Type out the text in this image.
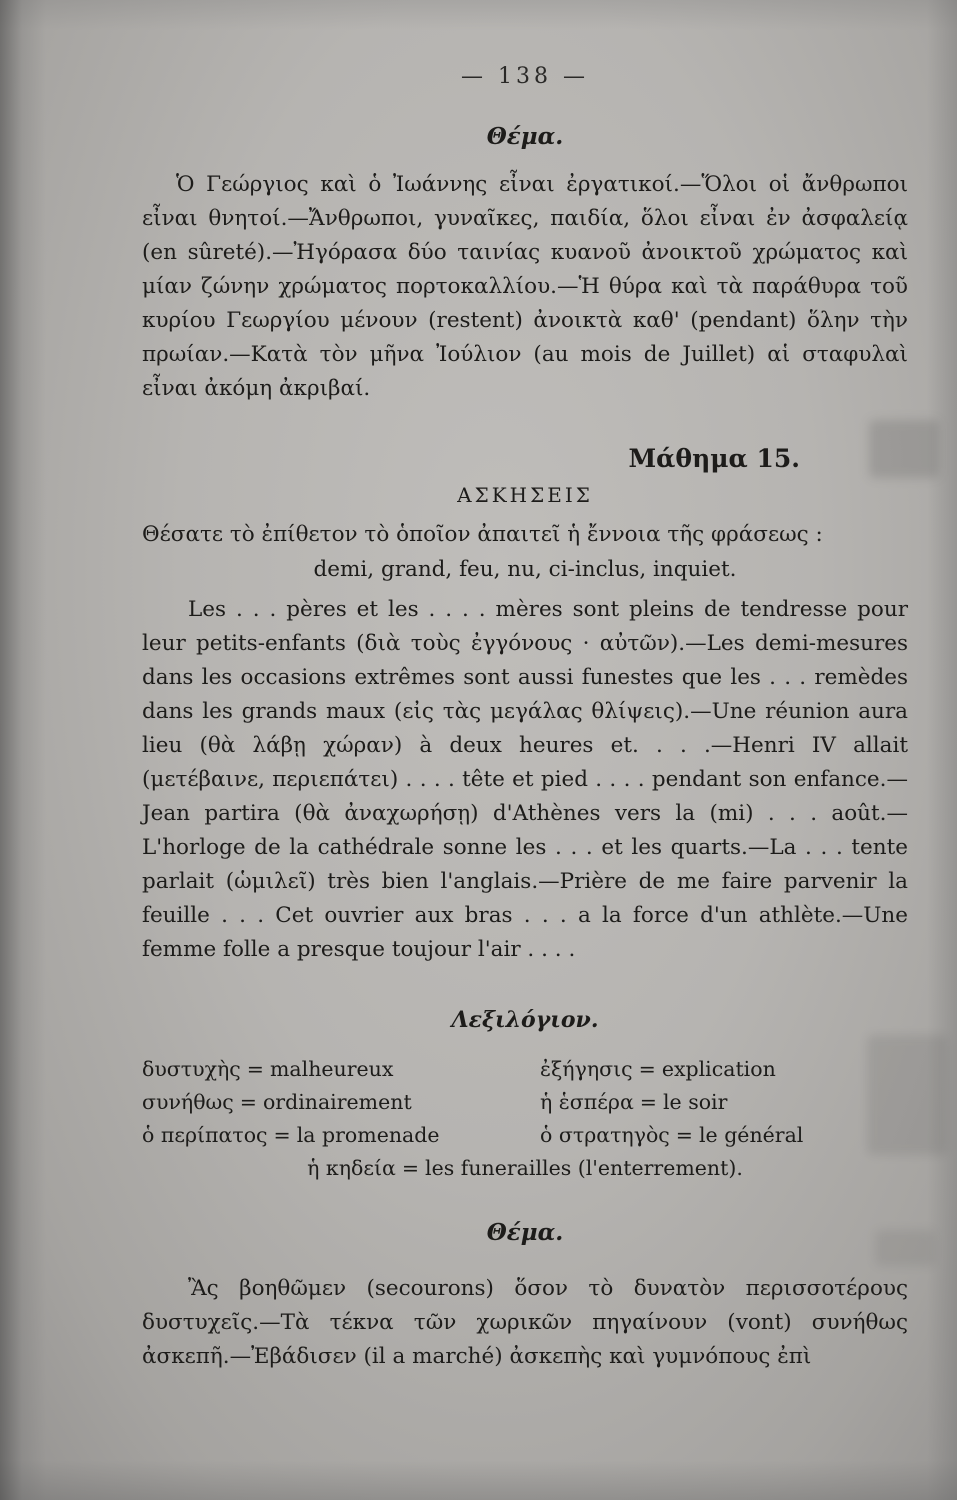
— 138 —
Θέμα.

Ὁ Γεώργιος καὶ ὁ Ἰωάννης εἶναι ἐργατικοί.—Ὅλοι οἱ ἄνθρωποι εἶναι θνητοί.—Ἄνθρωποι, γυναῖκες, παιδία, ὅλοι εἶναι ἐν ἀσφαλείᾳ (en sûreté).—Ἠγόρασα δύο ταινίας κυανοῦ ἀνοικτοῦ χρώματος καὶ μίαν ζώνην χρώματος πορτοκαλλίου.—Ἡ θύρα καὶ τὰ παράθυρα τοῦ κυρίου Γεωργίου μένουν (restent) ἀνοικτὰ καθ' (pendant) ὅλην τὴν πρωίαν.—Κατὰ τὸν μῆνα Ἰούλιον (au mois de Juillet) αἱ σταφυλαὶ εἶναι ἀκόμη ἀκριβαί.

Μάθημα 15.
ΑΣΚΗΣΕΙΣ

Θέσατε τὸ ἐπίθετον τὸ ὁποῖον ἀπαιτεῖ ἡ ἔννοια τῆς φράσεως :

demi, grand, feu, nu, ci-inclus, inquiet.

Les . . . pères et les . . . . mères sont pleins de tendresse pour leur petits-enfants (διὰ τοὺς ἐγγόνους · αὐτῶν).—Les demi-mesures dans les occasions extrêmes sont aussi funestes que les . . . remèdes dans les grands maux (εἰς τὰς μεγάλας θλίψεις).—Une réunion aura lieu (θὰ λάβῃ χώραν) à deux heures et. . . .—Henri IV allait (μετέβαινε, περιεπάτει) . . . . tête et pied . . . . pendant son enfance.—Jean partira (θὰ ἀναχωρήσῃ) d'Athènes vers la (mi) . . . août.—L'horloge de la cathédrale sonne les . . . et les quarts.—La . . . tente parlait (ὡμιλεῖ) très bien l'anglais.—Prière de me faire parvenir la feuille . . . Cet ouvrier aux bras . . . a la force d'un athlète.—Une femme folle a presque toujour l'air . . . .

Λεξιλόγιον.
δυστυχὴς = malheureux
συνήθως = ordinairement
ὁ περίπατος = la promenade
ἐξήγησις = explication
ἡ ἑσπέρα = le soir
ὁ στρατηγὸς = le général
ἡ κηδεία = les funerailles (l'enterrement).
Θέμα.

Ἂς βοηθῶμεν (secourons) ὅσον τὸ δυνατὸν περισσοτέρους δυστυχεῖς.—Τὰ τέκνα τῶν χωρικῶν πηγαίνουν (vont) συνήθως ἀσκεπῆ.—Ἐβάδισεν (il a marché) ἀσκεπὴς καὶ γυμνόπους ἐπὶ
